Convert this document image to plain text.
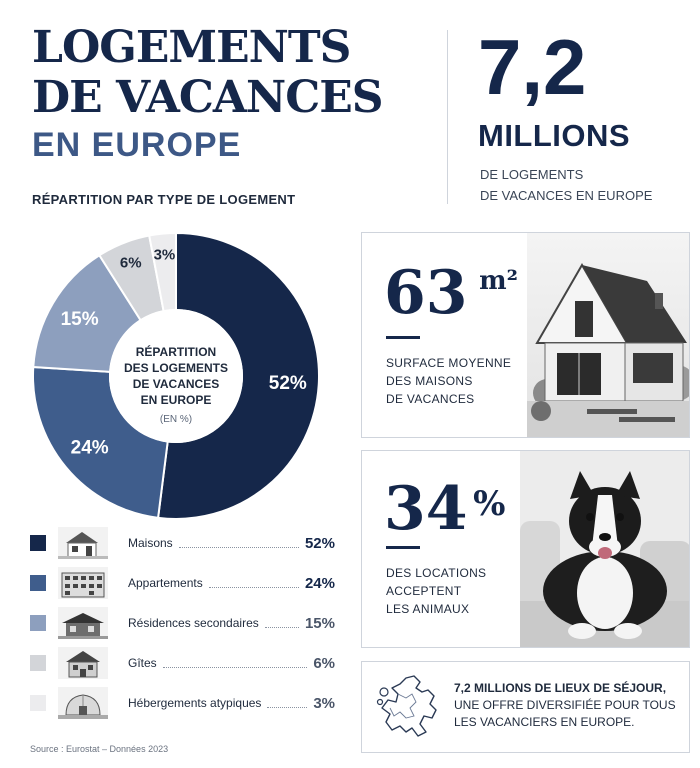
LOGEMENTS
DE VACANCES
EN EUROPE
7,2
MILLIONS
DE LOGEMENTS
DE VACANCES EN EUROPE
RÉPARTITION PAR TYPE DE LOGEMENT
RÉPARTITION
DES LOGEMENTS
DE VACANCES
EN EUROPE
(EN %)
52%
24%
15%
6% 3%
Maisons	52%
Appartements	24%
Résidences secondaires	15%
Gîtes	6%
Hébergements atypiques	3%
Source : Eurostat – Données 2023
63 m²
SURFACE MOYENNE
DES MAISONS
DE VACANCES
34 %
DES LOCATIONS
ACCEPTENT
LES ANIMAUX
7,2 MILLIONS DE LIEUX DE SÉJOUR,
UNE OFFRE DIVERSIFIÉE POUR TOUS
LES VACANCIERS EN EUROPE.
